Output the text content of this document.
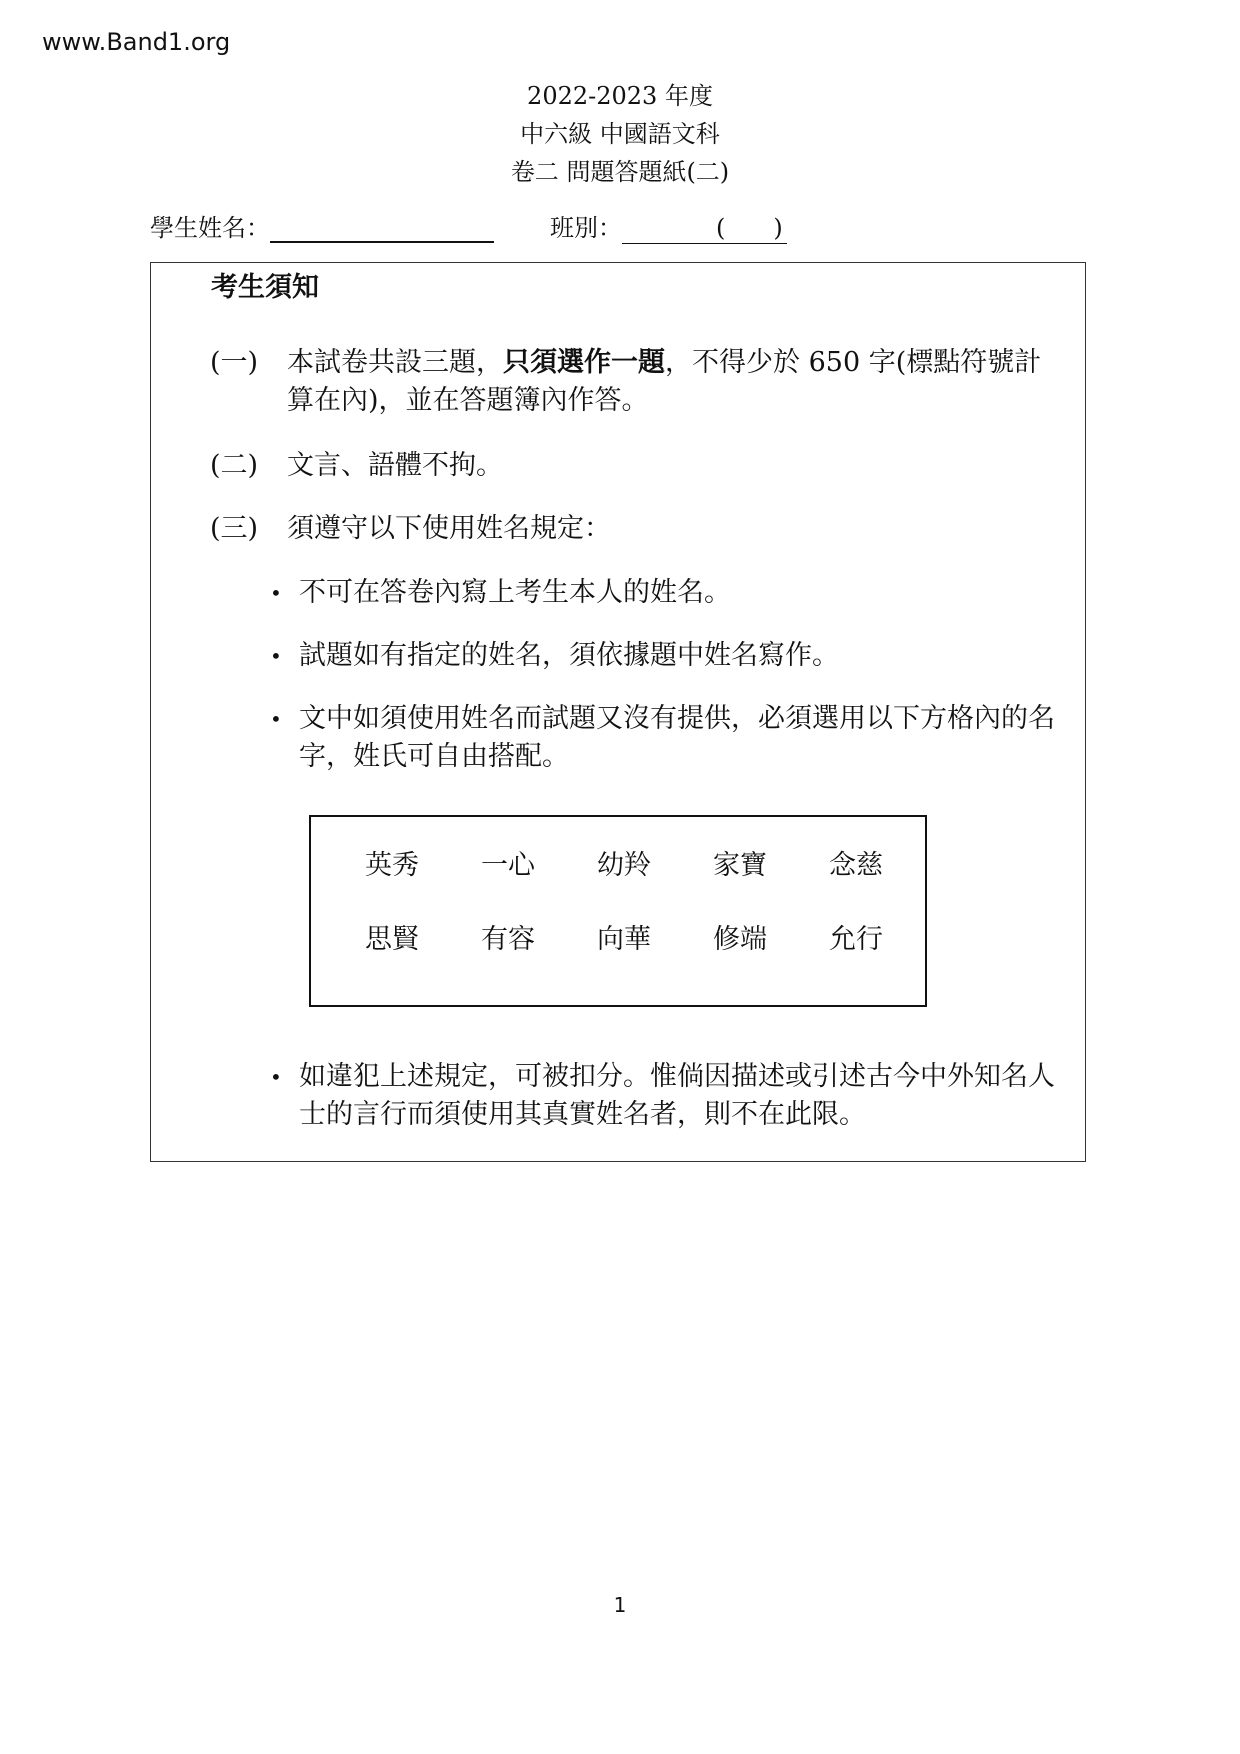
www.Band1.org
2022-2023 年度
中六級 中國語文科
卷二 問題答題紙(二)
學生姓名：	班別：	(　　)
考生須知
(一) 本試卷共設三題，只須選作一題，不得少於 650 字(標點符號計算在內)，並在答題簿內作答。
(二) 文言、語體不拘。
(三) 須遵守以下使用姓名規定：
• 不可在答卷內寫上考生本人的姓名。
• 試題如有指定的姓名，須依據題中姓名寫作。
• 文中如須使用姓名而試題又沒有提供，必須選用以下方格內的名字，姓氏可自由搭配。
英秀 一心 幼羚 家寶 念慈
思賢 有容 向華 修端 允行
• 如違犯上述規定，可被扣分。惟倘因描述或引述古今中外知名人士的言行而須使用其真實姓名者，則不在此限。
1
